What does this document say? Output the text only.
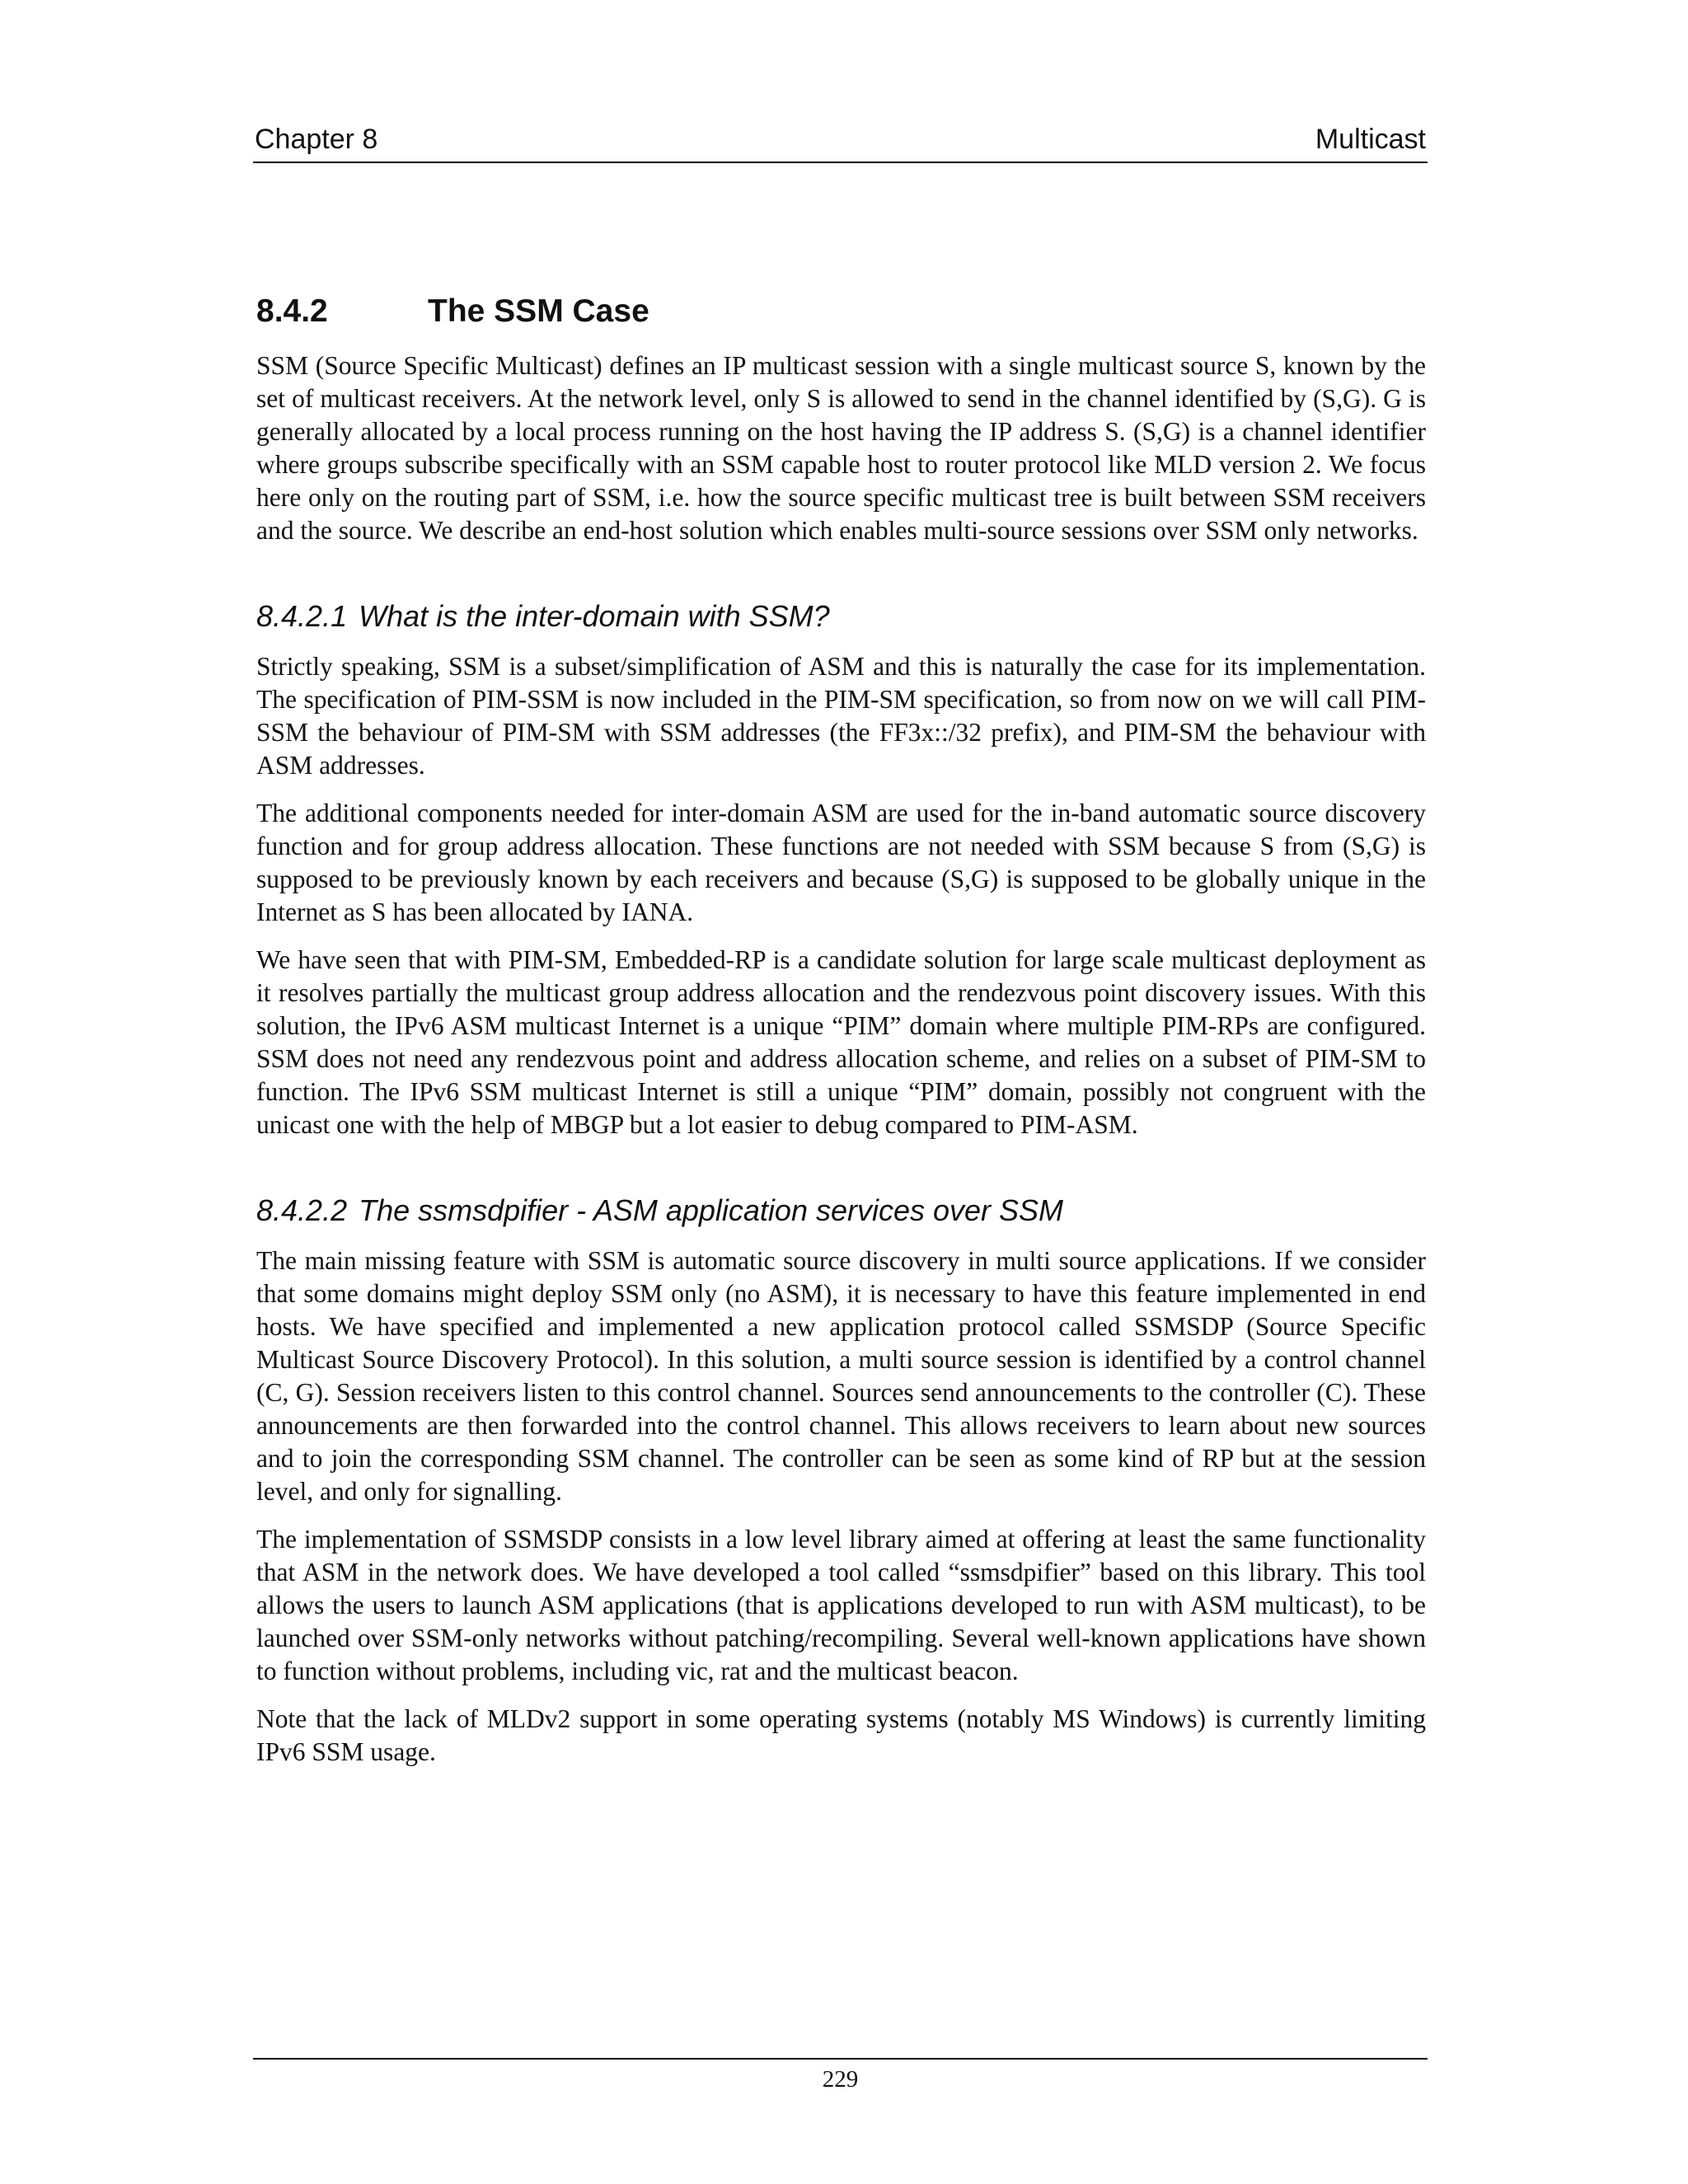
Chapter 8	Multicast
8.4.2	The SSM Case

SSM (Source Specific Multicast) defines an IP multicast session with a single multicast source S, known by the set of multicast receivers. At the network level, only S is allowed to send in the channel identified by (S,G). G is generally allocated by a local process running on the host having the IP address S. (S,G) is a channel identifier where groups subscribe specifically with an SSM capable host to router protocol like MLD version 2. We focus here only on the routing part of SSM, i.e. how the source specific multicast tree is built between SSM receivers and the source. We describe an end-host solution which enables multi-source sessions over SSM only networks.

8.4.2.1 What is the inter-domain with SSM?

Strictly speaking, SSM is a subset/simplification of ASM and this is naturally the case for its implementation. The specification of PIM-SSM is now included in the PIM-SM specification, so from now on we will call PIM-SSM the behaviour of PIM-SM with SSM addresses (the FF3x::/32 prefix), and PIM-SM the behaviour with ASM addresses.

The additional components needed for inter-domain ASM are used for the in-band automatic source discovery function and for group address allocation. These functions are not needed with SSM because S from (S,G) is supposed to be previously known by each receivers and because (S,G) is supposed to be globally unique in the Internet as S has been allocated by IANA.

We have seen that with PIM-SM, Embedded-RP is a candidate solution for large scale multicast deployment as it resolves partially the multicast group address allocation and the rendezvous point discovery issues. With this solution, the IPv6 ASM multicast Internet is a unique “PIM” domain where multiple PIM-RPs are configured. SSM does not need any rendezvous point and address allocation scheme, and relies on a subset of PIM-SM to function. The IPv6 SSM multicast Internet is still a unique “PIM” domain, possibly not congruent with the unicast one with the help of MBGP but a lot easier to debug compared to PIM-ASM.

8.4.2.2 The ssmsdpifier - ASM application services over SSM

The main missing feature with SSM is automatic source discovery in multi source applications. If we consider that some domains might deploy SSM only (no ASM), it is necessary to have this feature implemented in end hosts. We have specified and implemented a new application protocol called SSMSDP (Source Specific Multicast Source Discovery Protocol). In this solution, a multi source session is identified by a control channel (C, G). Session receivers listen to this control channel. Sources send announcements to the controller (C). These announcements are then forwarded into the control channel. This allows receivers to learn about new sources and to join the corresponding SSM channel. The controller can be seen as some kind of RP but at the session level, and only for signalling.

The implementation of SSMSDP consists in a low level library aimed at offering at least the same functionality that ASM in the network does. We have developed a tool called “ssmsdpifier” based on this library. This tool allows the users to launch ASM applications (that is applications developed to run with ASM multicast), to be launched over SSM-only networks without patching/recompiling. Several well-known applications have shown to function without problems, including vic, rat and the multicast beacon.

Note that the lack of MLDv2 support in some operating systems (notably MS Windows) is currently limiting IPv6 SSM usage.

229
